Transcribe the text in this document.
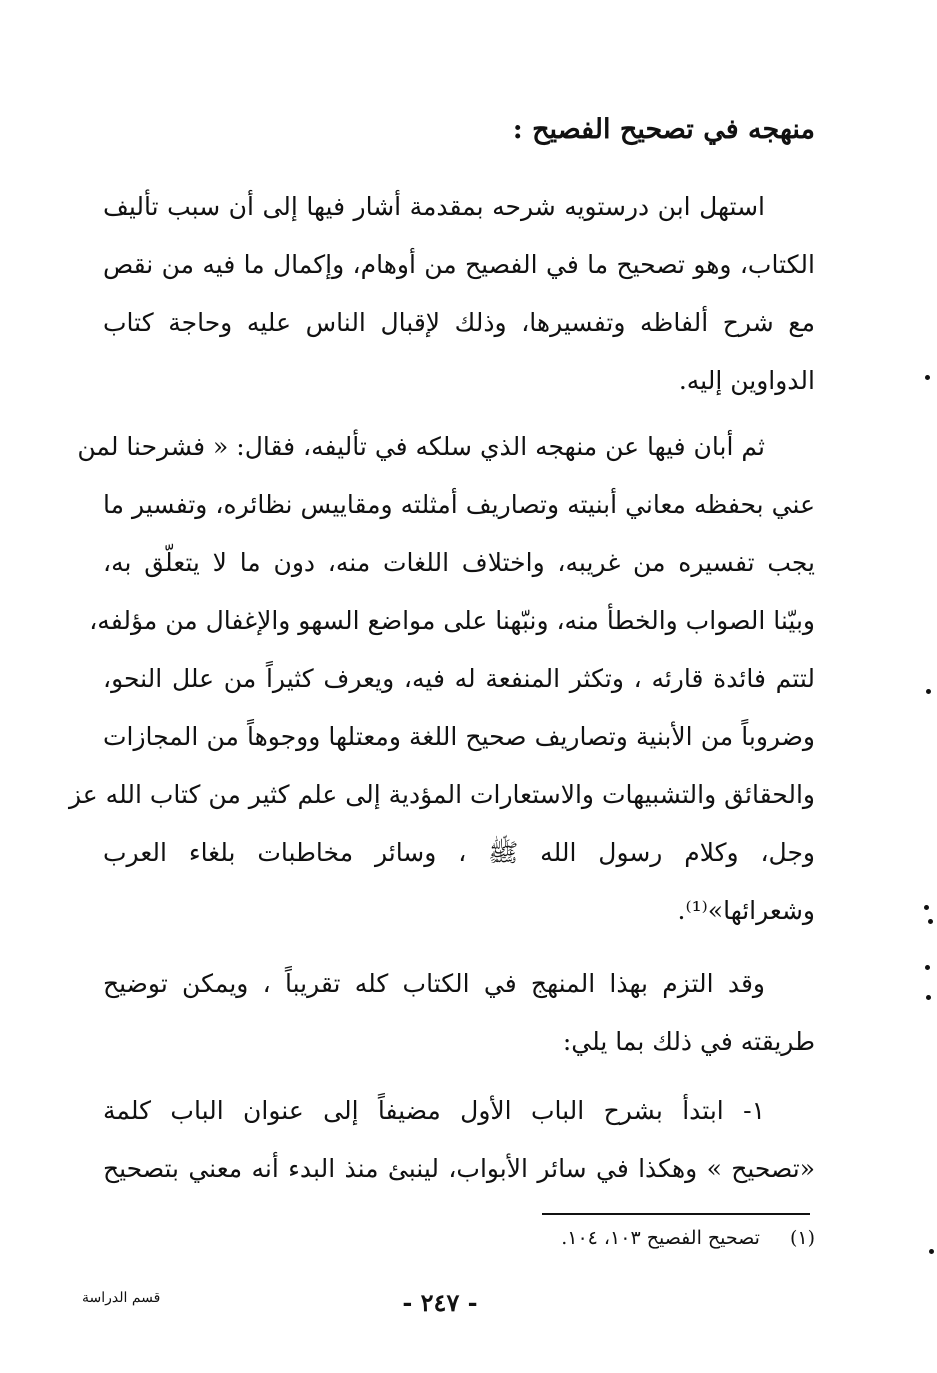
منهجه في تصحيح الفصيح :
استهل ابن درستويه شرحه بمقدمة أشار فيها إلى أن سبب تأليف
الكتاب، وهو تصحيح ما في الفصيح من أوهام، وإكمال ما فيه من نقص
مع شرح ألفاظه وتفسيرها، وذلك لإقبال الناس عليه وحاجة كتاب
الدواوين إليه.
ثم أبان فيها عن منهجه الذي سلكه في تأليفه، فقال: « فشرحنا لمن
عني بحفظه معاني أبنيته وتصاريف أمثلته ومقاييس نظائره، وتفسير ما
يجب تفسيره من غريبه، واختلاف اللغات منه، دون ما لا يتعلّق به،
وبيّنا الصواب والخطأ منه، ونبّهنا على مواضع السهو والإغفال من مؤلفه،
لتتم فائدة قارئه ، وتكثر المنفعة له فيه، ويعرف كثيراً من علل النحو،
وضروباً من الأبنية وتصاريف صحيح اللغة ومعتلها ووجوهاً من المجازات
والحقائق والتشبيهات والاستعارات المؤدية إلى علم كثير من كتاب الله عز
وجل، وكلام رسول الله ﷺ ، وسائر مخاطبات بلغاء العرب
وشعرائها»⁽¹⁾.
وقد التزم بهذا المنهج في الكتاب كله تقريباً ، ويمكن توضيح
طريقته في ذلك بما يلي:
١- ابتدأ بشرح الباب الأول مضيفاً إلى عنوان الباب كلمة
«تصحيح » وهكذا في سائر الأبواب، لينبئ منذ البدء أنه معني بتصحيح
(١)تصحيح الفصيح ١٠٣، ١٠٤.
- ٢٤٧ -
قسم الدراسة
